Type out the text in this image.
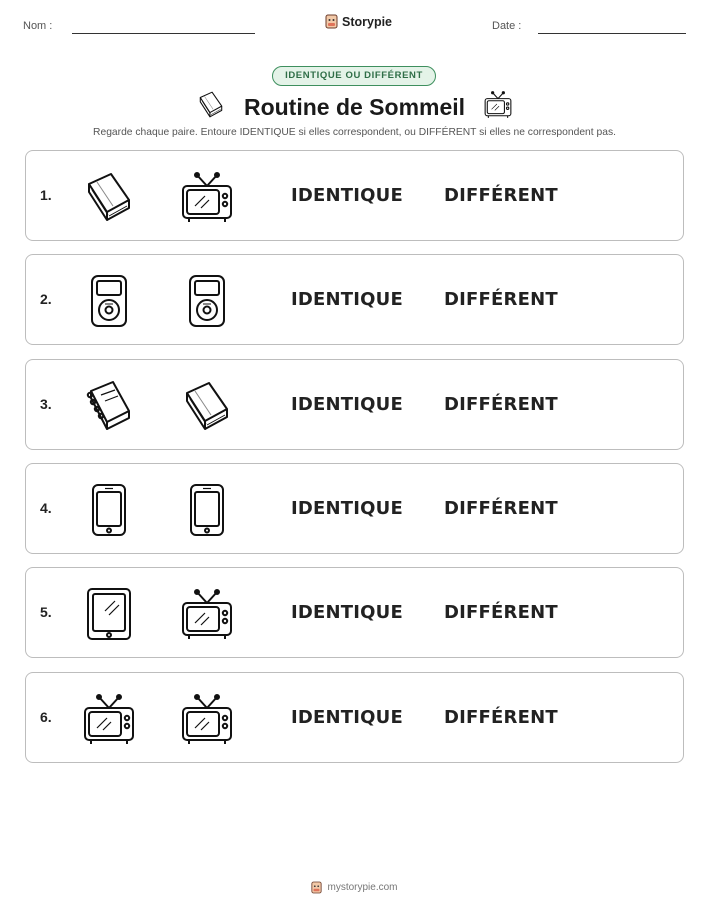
Nom :	Storypie	Date :
IDENTIQUE OU DIFFÉRENT
Routine de Sommeil
Regarde chaque paire. Entoure IDENTIQUE si elles correspondent, ou DIFFÉRENT si elles ne correspondent pas.
1.	IDENTIQUE DIFFÉRENT
2.	IDENTIQUE DIFFÉRENT
3.	IDENTIQUE DIFFÉRENT
4.	IDENTIQUE DIFFÉRENT
5.	IDENTIQUE DIFFÉRENT
6.	IDENTIQUE DIFFÉRENT
mystorypie.com
